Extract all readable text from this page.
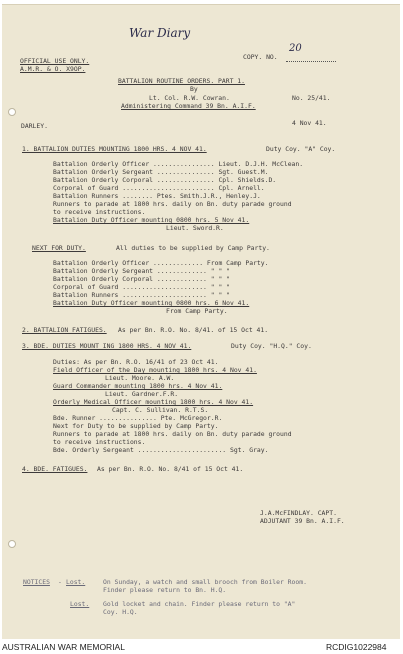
War Diary
OFFICIAL USE ONLY.
A.M.R. & O. X9OP.
COPY. NO.
20
BATTALION ROUTINE ORDERS. PART 1.
By
Lt. Col. R.W. Cowran.	No. 25/41.
Administering Command 39 Bn. A.I.F.
DARLEY.	4 Nov 41.
1. BATTALION DUTIES MOUNTING 1800 HRS. 4 NOV 41.	Duty Coy. "A" Coy.
Battalion Orderly Officer ................ Lieut. D.J.H. McClean.
Battalion Orderly Sergeant ............... Sgt. Guest.M.
Battalion Orderly Corporal ............... Cpl. Shields.D.
Corporal of Guard ........................ Cpl. Arnell.
Battalion Runners ........ Ptes. Smith.J.R., Henley.J.
Runners to parade at 1800 hrs. daily on Bn. duty parade ground
to receive instructions.
Battalion Duty Officer mounting 0800 hrs. 5 Nov 41.
Lieut. Sword.R.
NEXT FOR DUTY.	All duties to be supplied by Camp Party.
Battalion Orderly Officer ............. From Camp Party.
Battalion Orderly Sergeant ............. " " "
Battalion Orderly Corporal ............. " " "
Corporal of Guard ...................... " " "
Battalion Runners ...................... " " "
Battalion Duty Officer mounting 0800 hrs. 6 Nov 41.
From Camp Party.
2. BATTALION FATIGUES. As per Bn. R.O. No. 8/41. of 15 Oct 41.
3. BDE. DUTIES MOUNT ING 1800 HRS. 4 NOV 41.	Duty Coy. "H.Q." Coy.
Duties: As per Bn. R.O. 16/41 of 23 Oct 41.
Field Officer of the Day mounting 1800 hrs. 4 Nov 41.
Lieut. Moore. A.W.
Guard Commander mounting 1800 hrs. 4 Nov 41.
Lieut. Gardner.F.R.
Orderly Medical Officer mounting 1800 hrs. 4 Nov 41.
Capt. C. Sullivan. R.T.S.
Bde. Runner ............... Pte. McGregor.R.
Next for Duty to be supplied by Camp Party.
Runners to parade at 1800 hrs. daily on Bn. duty parade ground
to receive instructions.
Bde. Orderly Sergeant ....................... Sgt. Gray.
4. BDE. FATIGUES. As per Bn. R.O. No. 8/41 of 15 Oct 41.
J.A.McFINDLAY. CAPT.
ADJUTANT 39 Bn. A.I.F.
NOTICES - Lost.	On Sunday, a watch and small brooch from Boiler Room.
Finder please return to Bn. H.Q.
Lost. Gold locket and chain. Finder please return to "A"
Coy. H.Q.
AUSTRALIAN WAR MEMORIAL	RCDIG1022984
